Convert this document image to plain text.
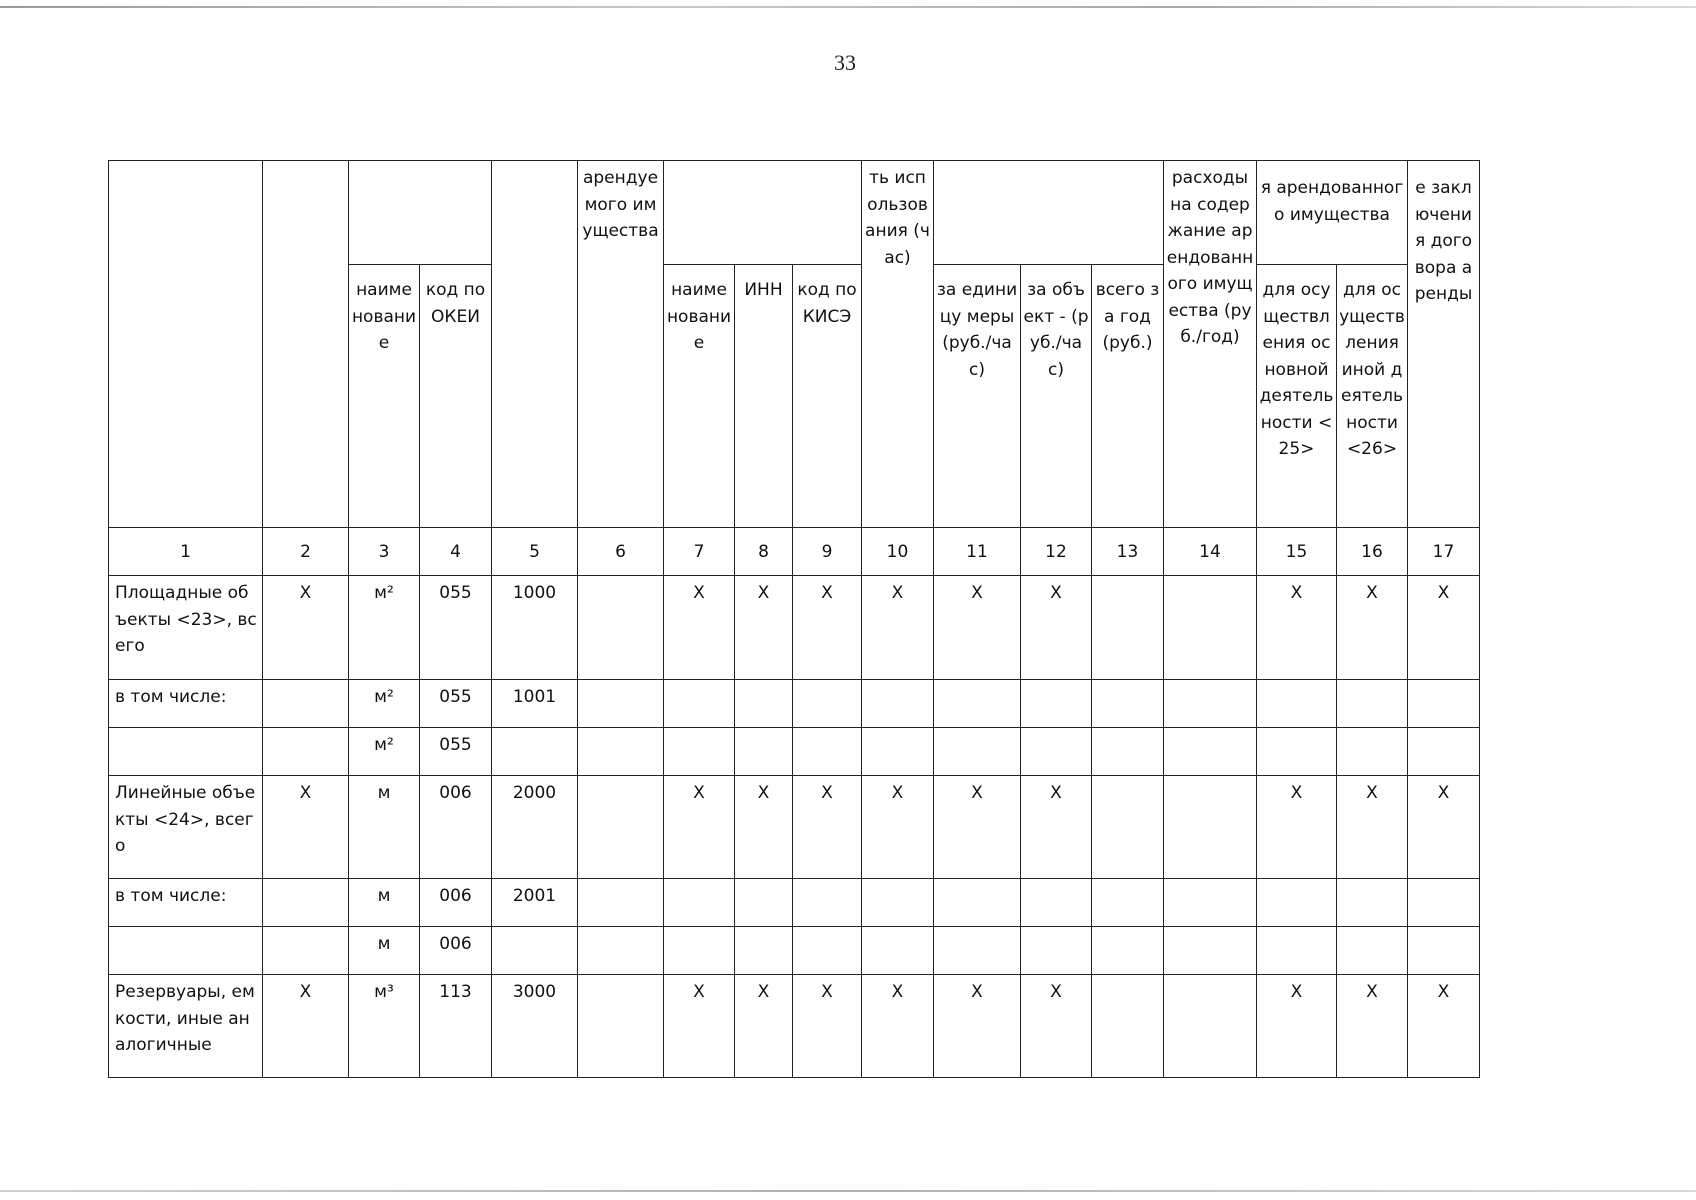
33
					арендуемого имущества				ть использования (час)				расходы на содержание арендованного имущества (руб./год)	я арендованного имущества		е заключения договора аренды
		наименование	код по ОКЕИ			наименование	ИНН	код по КИСЭ		за единицу меры (руб./час)	за объект - (руб./час)	всего за год (руб.)		для осуществления основной деятельности <25>	для осуществления иной деятельности <26>	
1	2	3	4	5	6	7	8	9	10	11	12	13	14	15	16	17
Площадные объекты <23>, всего	X	м²	055	1000		X	X	X	X	X	X			X	X	X
в том числе:		м²	055	1001												
		м²	055													
Линейные объекты <24>, всего	X	м	006	2000		X	X	X	X	X	X			X	X	X
в том числе:		м	006	2001												
		м	006													
Резервуары, емкости, иные аналогичные	X	м³	113	3000		X	X	X	X	X	X			X	X	X
